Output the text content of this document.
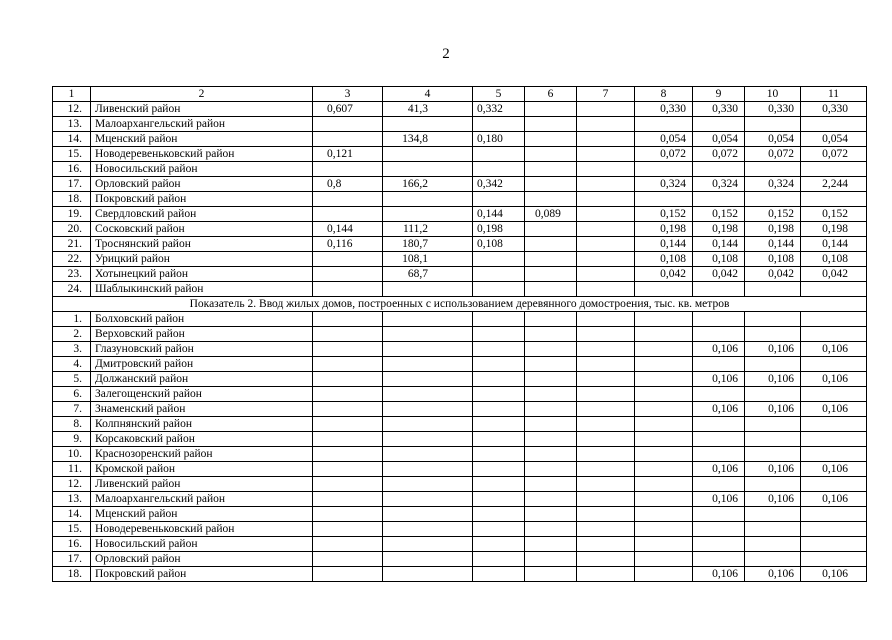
2
1	2	3	4	5	6	7	8	9	10	11
12.	Ливенский район	0,607	41,3	0,332			0,330	0,330	0,330	0,330
13.	Малоархангельский район									
14.	Мценский район		134,8	0,180			0,054	0,054	0,054	0,054
15.	Новодеревеньковский район	0,121					0,072	0,072	0,072	0,072
16.	Новосильский район									
17.	Орловский район	0,8	166,2	0,342			0,324	0,324	0,324	2,244
18.	Покровский район									
19.	Свердловский район			0,144	0,089		0,152	0,152	0,152	0,152
20.	Сосковский район	0,144	111,2	0,198			0,198	0,198	0,198	0,198
21.	Троснянский район	0,116	180,7	0,108			0,144	0,144	0,144	0,144
22.	Урицкий район		108,1				0,108	0,108	0,108	0,108
23.	Хотынецкий район		68,7				0,042	0,042	0,042	0,042
24.	Шаблыкинский район									
Показатель 2. Ввод жилых домов, построенных с использованием деревянного домостроения, тыс. кв. метров										
1.	Болховский район									
2.	Верховский район									
3.	Глазуновский район							0,106	0,106	0,106
4.	Дмитровский район									
5.	Должанский район							0,106	0,106	0,106
6.	Залегощенский район									
7.	Знаменский район							0,106	0,106	0,106
8.	Колпнянский район									
9.	Корсаковский район									
10.	Краснозоренский район									
11.	Кромской район							0,106	0,106	0,106
12.	Ливенский район									
13.	Малоархангельский район							0,106	0,106	0,106
14.	Мценский район									
15.	Новодеревеньковский район									
16.	Новосильский район									
17.	Орловский район									
18.	Покровский район							0,106	0,106	0,106
